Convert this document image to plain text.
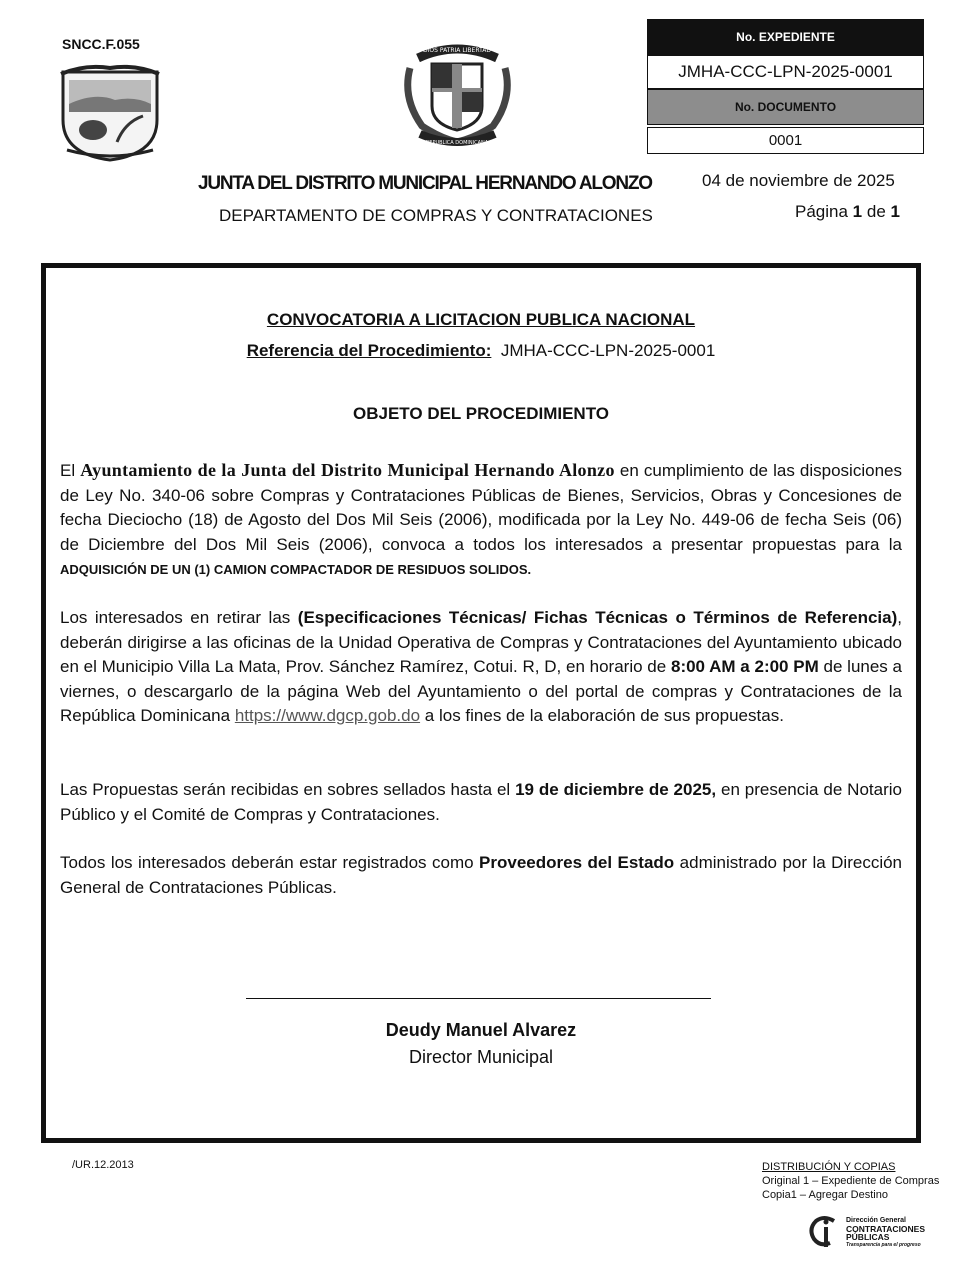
SNCC.F.055	DIOS PATRIA LIBERTAD
REPUBLICA DOMINICANA
No. EXPEDIENTE
JMHA-CCC-LPN-2025-0001
No. DOCUMENTO
0001
JUNTA DEL DISTRITO MUNICIPAL HERNANDO ALONZO
DEPARTAMENTO DE COMPRAS Y CONTRATACIONES
04 de noviembre de 2025
Página 1 de 1
CONVOCATORIA A LICITACION PUBLICA NACIONAL
Referencia del Procedimiento: JMHA-CCC-LPN-2025-0001
OBJETO DEL PROCEDIMIENTO
El Ayuntamiento de la Junta del Distrito Municipal Hernando Alonzo en cumplimiento de las disposiciones de Ley No. 340-06 sobre Compras y Contrataciones Públicas de Bienes, Servicios, Obras y Concesiones de fecha Dieciocho (18) de Agosto del Dos Mil Seis (2006), modificada por la Ley No. 449-06 de fecha Seis (06) de Diciembre del Dos Mil Seis (2006), convoca a todos los interesados a presentar propuestas para la ADQUISICIÓN DE UN (1) CAMION COMPACTADOR DE RESIDUOS SOLIDOS.
Los interesados en retirar las (Especificaciones Técnicas/ Fichas Técnicas o Términos de Referencia), deberán dirigirse a las oficinas de la Unidad Operativa de Compras y Contrataciones del Ayuntamiento ubicado en el Municipio Villa La Mata, Prov. Sánchez Ramírez, Cotui. R, D, en horario de 8:00 AM a 2:00 PM de lunes a viernes, o descargarlo de la página Web del Ayuntamiento o del portal de compras y Contrataciones de la República Dominicana https://www.dgcp.gob.do a los fines de la elaboración de sus propuestas.
Las Propuestas serán recibidas en sobres sellados hasta el 19 de diciembre de 2025, en presencia de Notario Público y el Comité de Compras y Contrataciones.
Todos los interesados deberán estar registrados como Proveedores del Estado administrado por la Dirección General de Contrataciones Públicas.
Deudy Manuel Alvarez
Director Municipal
/UR.12.2013	DISTRIBUCIÓN Y COPIAS
Original 1 – Expediente de Compras
Copia1 – Agregar Destino
Dirección General
CONTRATACIONES
PÚBLICAS
Transparencia para el progreso
